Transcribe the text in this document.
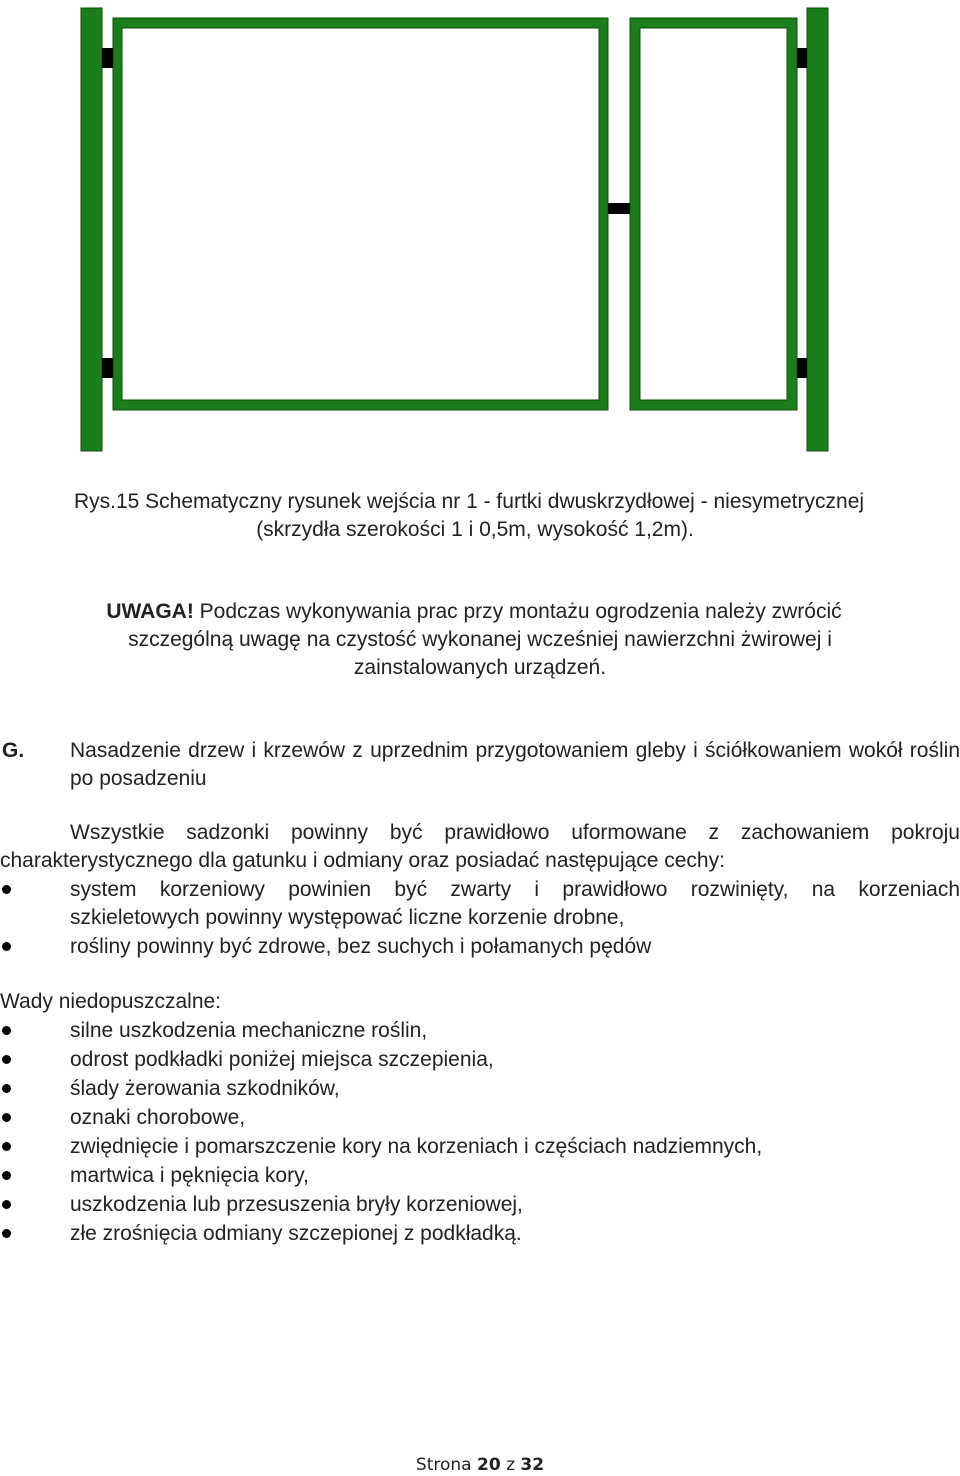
Rys.15 Schematyczny rysunek wejścia nr 1 - furtki dwuskrzydłowej - niesymetrycznej
(skrzydła szerokości 1 i 0,5m, wysokość 1,2m).
UWAGA! Podczas wykonywania prac przy montażu ogrodzenia należy zwrócić
szczególną uwagę na czystość wykonanej wcześniej nawierzchni żwirowej i
zainstalowanych urządzeń.
G. Nasadzenie drzew i krzewów z uprzednim przygotowaniem gleby i ściółkowaniem wokół roślin po posadzeniu
Wszystkie sadzonki powinny być prawidłowo uformowane z zachowaniem pokroju
charakterystycznego dla gatunku i odmiany oraz posiadać następujące cechy:
system korzeniowy powinien być zwarty i prawidłowo rozwinięty, na korzeniach
szkieletowych powinny występować liczne korzenie drobne,
rośliny powinny być zdrowe, bez suchych i połamanych pędów
Wady niedopuszczalne:
silne uszkodzenia mechaniczne roślin,
odrost podkładki poniżej miejsca szczepienia,
ślady żerowania szkodników,
oznaki chorobowe,
zwiędnięcie i pomarszczenie kory na korzeniach i częściach nadziemnych,
martwica i pęknięcia kory,
uszkodzenia lub przesuszenia bryły korzeniowej,
złe zrośnięcia odmiany szczepionej z podkładką.
Strona 20 z 32
